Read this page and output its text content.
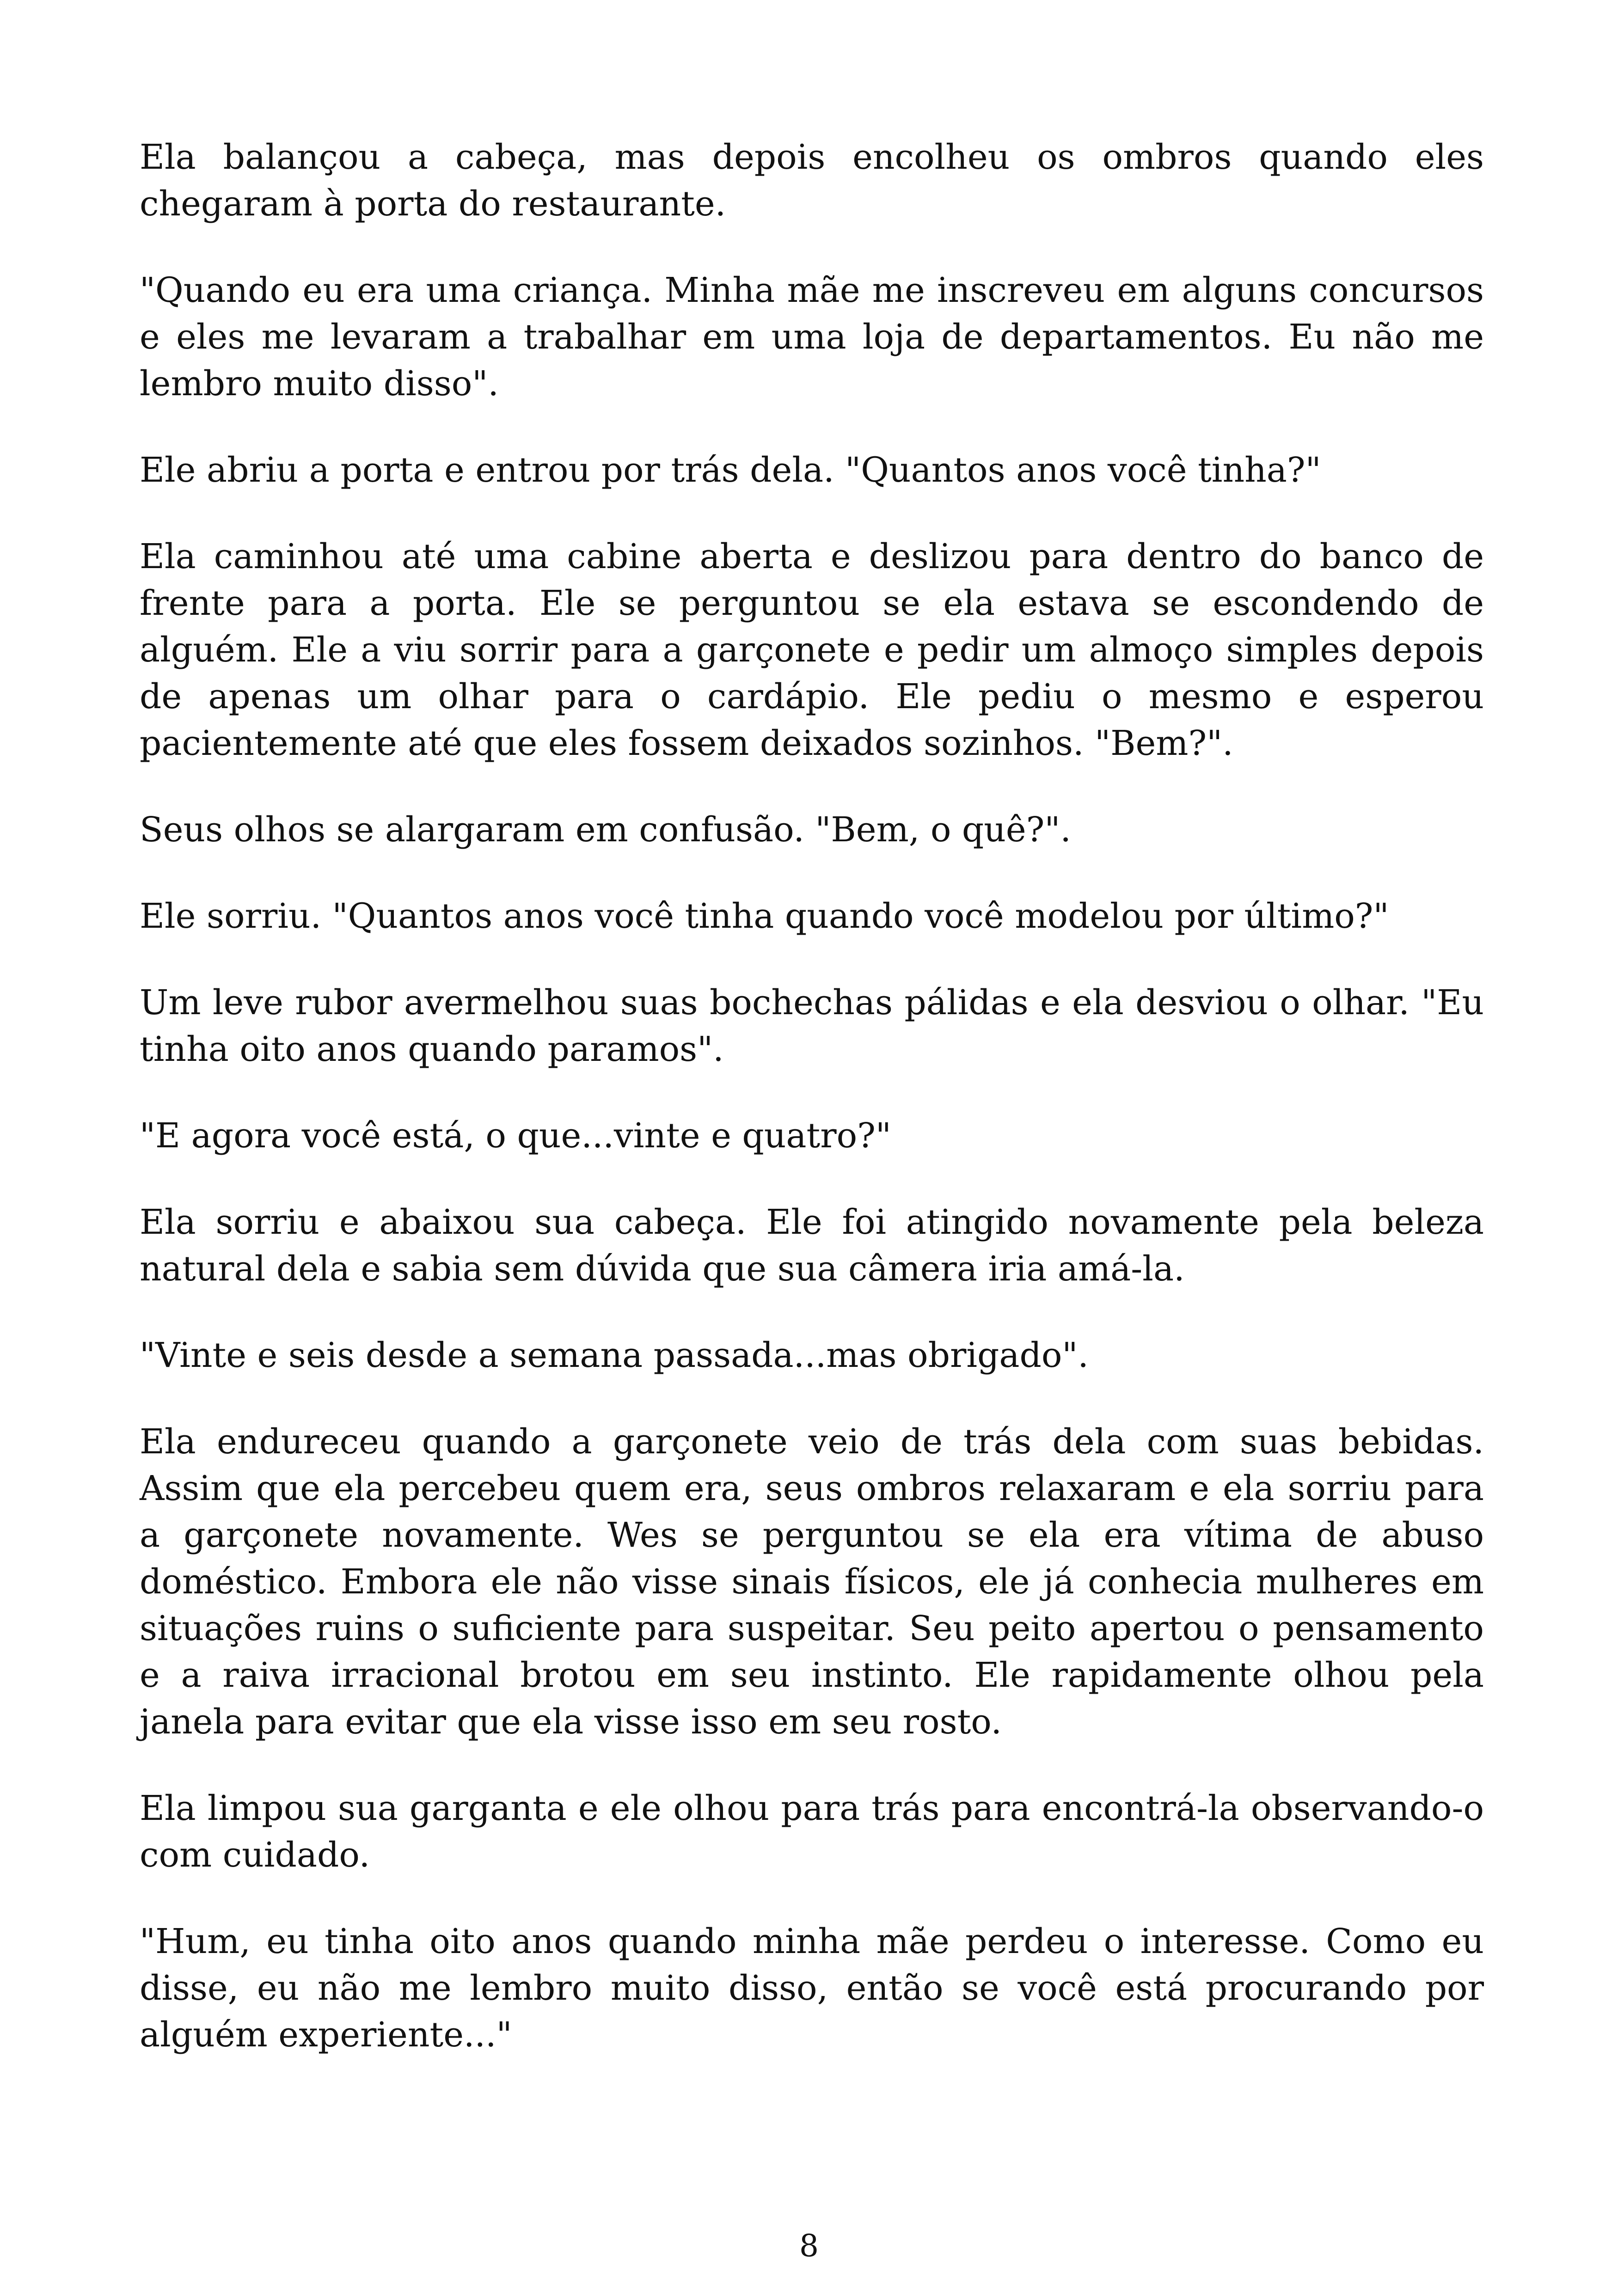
Ela balançou a cabeça, mas depois encolheu os ombros quando eles chegaram à porta do restaurante.

"Quando eu era uma criança. Minha mãe me inscreveu em alguns concursos e eles me levaram a trabalhar em uma loja de departamentos. Eu não me lembro muito disso".

Ele abriu a porta e entrou por trás dela. "Quantos anos você tinha?"

Ela caminhou até uma cabine aberta e deslizou para dentro do banco de frente para a porta. Ele se perguntou se ela estava se escondendo de alguém. Ele a viu sorrir para a garçonete e pedir um almoço simples depois de apenas um olhar para o cardápio. Ele pediu o mesmo e esperou pacientemente até que eles fossem deixados sozinhos. "Bem?".

Seus olhos se alargaram em confusão. "Bem, o quê?".

Ele sorriu. "Quantos anos você tinha quando você modelou por último?"

Um leve rubor avermelhou suas bochechas pálidas e ela desviou o olhar. "Eu tinha oito anos quando paramos".

"E agora você está, o que...vinte e quatro?"

Ela sorriu e abaixou sua cabeça. Ele foi atingido novamente pela beleza natural dela e sabia sem dúvida que sua câmera iria amá-la.

"Vinte e seis desde a semana passada...mas obrigado".

Ela endureceu quando a garçonete veio de trás dela com suas bebidas. Assim que ela percebeu quem era, seus ombros relaxaram e ela sorriu para a garçonete novamente. Wes se perguntou se ela era vítima de abuso doméstico. Embora ele não visse sinais físicos, ele já conhecia mulheres em situações ruins o suficiente para suspeitar. Seu peito apertou o pensamento e a raiva irracional brotou em seu instinto. Ele rapidamente olhou pela janela para evitar que ela visse isso em seu rosto.

Ela limpou sua garganta e ele olhou para trás para encontrá-la observando-o com cuidado.

"Hum, eu tinha oito anos quando minha mãe perdeu o interesse. Como eu disse, eu não me lembro muito disso, então se você está procurando por alguém experiente..."

8
